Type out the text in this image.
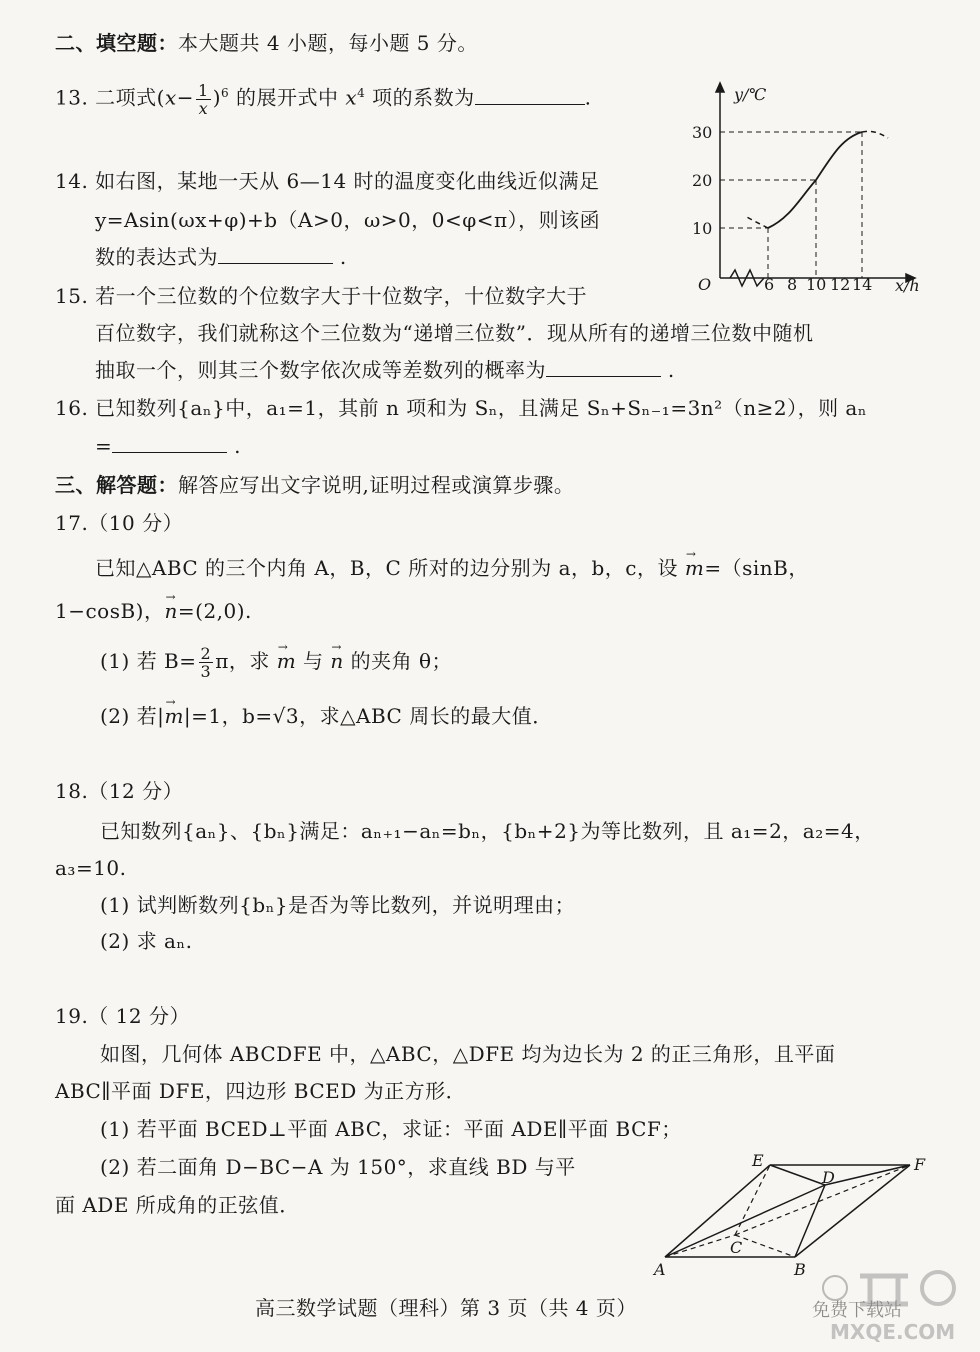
二、填空题：本大题共 4 小题，每小题 5 分。
13. 二项式$(x- \frac{1}{x} )^6$ 的展开式中 $x^4$ 项的系数为	.	y/℃
x/h
O
10
20
30
6 8 10 12 14
14. 如右图，某地一天从 6—14 时的温度变化曲线近似满足
y=Asin(ωx+φ)+b（A>0，ω>0，0<φ<π），则该函
数的表达式为	.
15. 若一个三位数的个位数字大于十位数字，十位数字大于
百位数字，我们就称这个三位数为“递增三位数”．现从所有的递增三位数中随机
抽取一个，则其三个数字依次成等差数列的概率为	.
16. 已知数列{aₙ}中，a₁=1，其前 n 项和为 Sₙ，且满足 Sₙ+Sₙ₋₁=3n²（n≥2），则 aₙ
=	.
三、解答题：解答应写出文字说明,证明过程或演算步骤。
17.（10 分）
已知△ABC 的三个内角 A，B，C 所对的边分别为 a，b，c，设 → m=（sinB，
1−cosB)，→ n=(2,0).
(1) 若 $B= \frac{2}{3}$ π，求 → m 与 → n 的夹角 θ；
(2) 若|→ m|=1，b=√3，求△ABC 周长的最大值．
18.（12 分）
已知数列{aₙ}、{bₙ}满足：aₙ₊₁−aₙ=bₙ，{bₙ+2}为等比数列，且 a₁=2，a₂=4，
a₃=10.
(1) 试判断数列{bₙ}是否为等比数列，并说明理由；
(2) 求 aₙ.
19.（ 12 分）
如图，几何体 ABCDFE 中，△ABC，△DFE 均为边长为 2 的正三角形，且平面
ABC∥平面 DFE，四边形 BCED 为正方形．
(1) 若平面 BCED⊥平面 ABC，求证：平面 ADE∥平面 BCF；
(2) 若二面角 D−BC−A 为 150°，求直线 BD 与平
面 ADE 所成角的正弦值．
E	F
D
C
A	B
高三数学试题（理科）第 3 页（共 4 页）	免费下载站
MXQE.COM
